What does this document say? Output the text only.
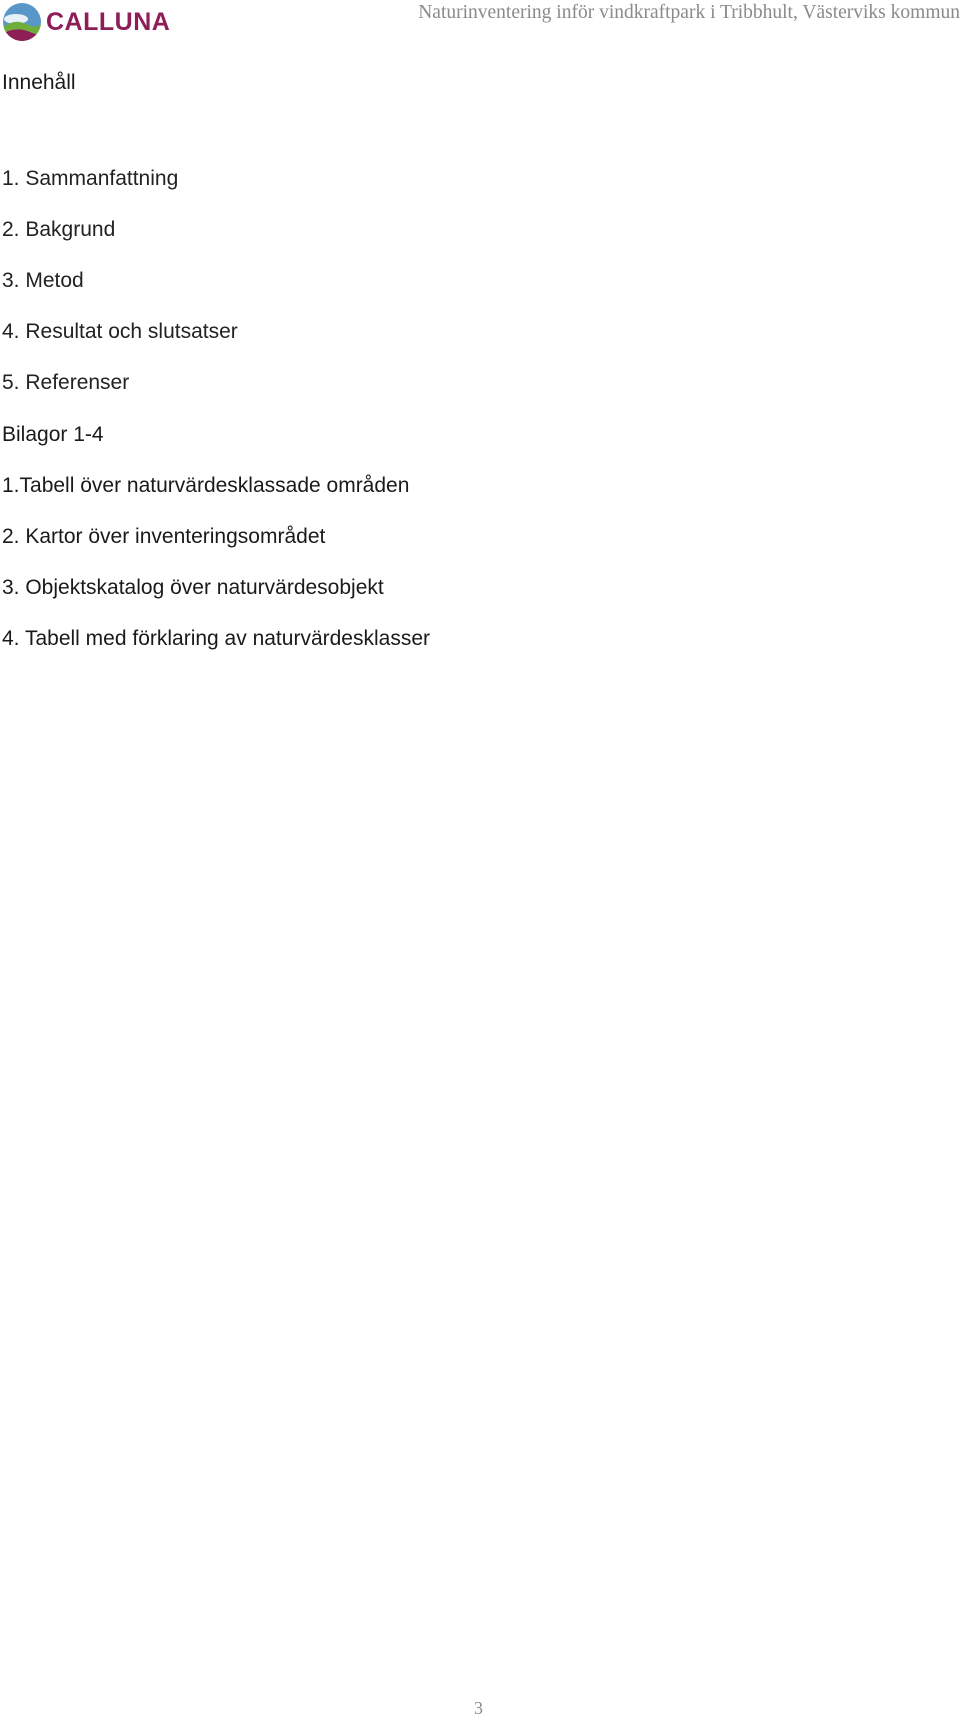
CALLUNA	Naturinventering inför vindkraftpark i Tribbhult, Västerviks kommun
Innehåll
1. Sammanfattning
2. Bakgrund
3. Metod
4. Resultat och slutsatser
5. Referenser
Bilagor 1-4
1.Tabell över naturvärdesklassade områden
2. Kartor över inventeringsområdet
3. Objektskatalog över naturvärdesobjekt
4. Tabell med förklaring av naturvärdesklasser
3
